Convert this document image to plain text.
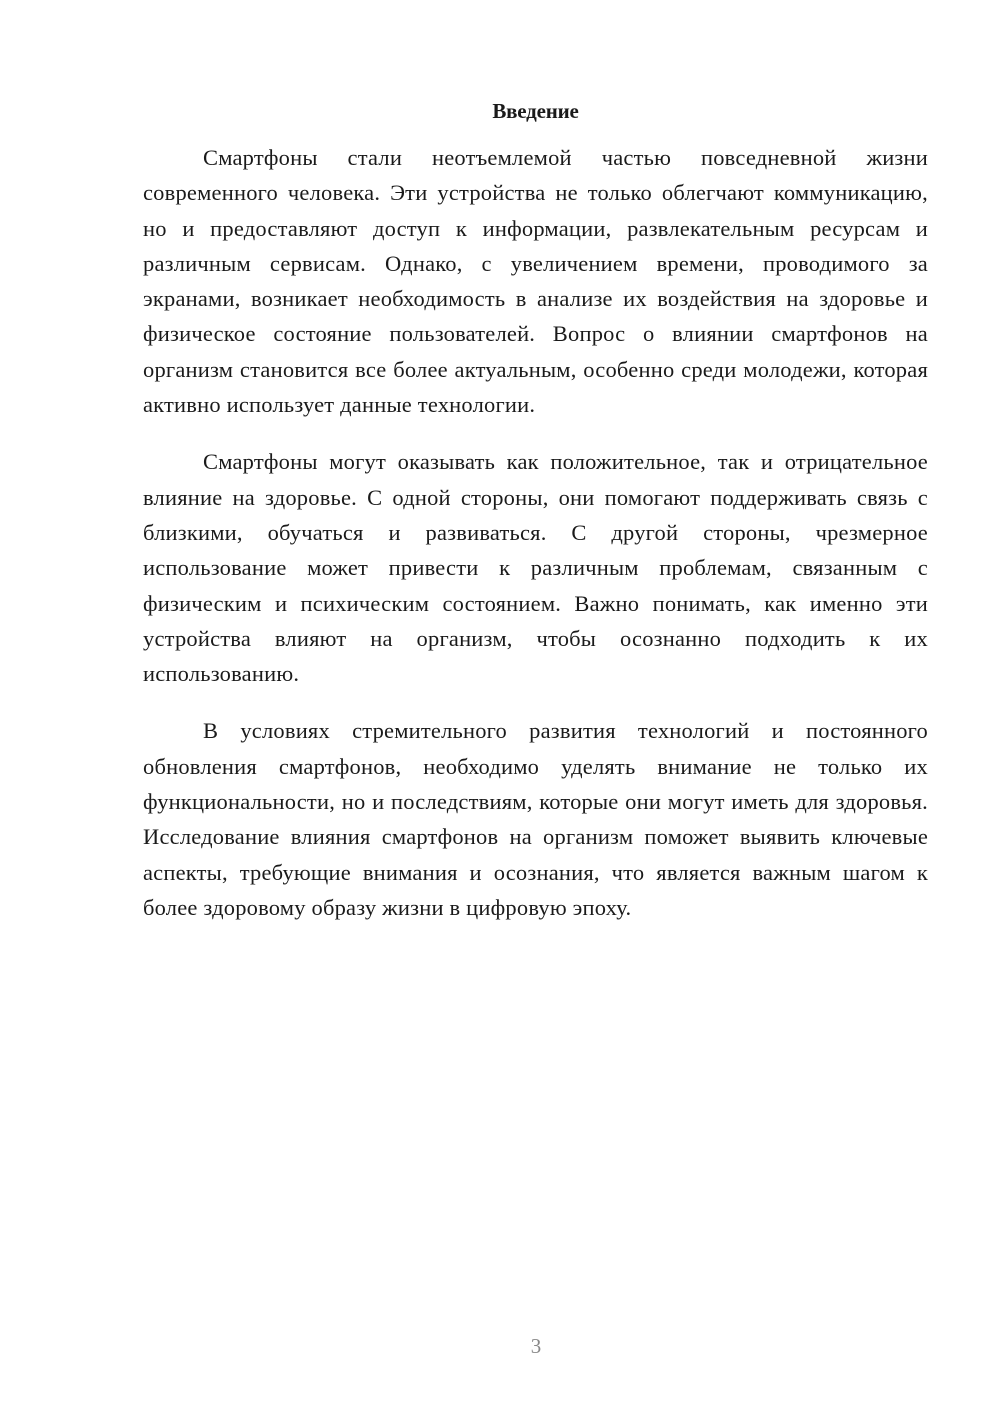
Введение

Смартфоны стали неотъемлемой частью повседневной жизни современного человека. Эти устройства не только облегчают коммуникацию, но и предоставляют доступ к информации, развлекательным ресурсам и различным сервисам. Однако, с увеличением времени, проводимого за экранами, возникает необходимость в анализе их воздействия на здоровье и физическое состояние пользователей. Вопрос о влиянии смартфонов на организм становится все более актуальным, особенно среди молодежи, которая активно использует данные технологии.

Смартфоны могут оказывать как положительное, так и отрицательное влияние на здоровье. С одной стороны, они помогают поддерживать связь с близкими, обучаться и развиваться. С другой стороны, чрезмерное использование может привести к различным проблемам, связанным с физическим и психическим состоянием. Важно понимать, как именно эти устройства влияют на организм, чтобы осознанно подходить к их использованию.

В условиях стремительного развития технологий и постоянного обновления смартфонов, необходимо уделять внимание не только их функциональности, но и последствиям, которые они могут иметь для здоровья. Исследование влияния смартфонов на организм поможет выявить ключевые аспекты, требующие внимания и осознания, что является важным шагом к более здоровому образу жизни в цифровую эпоху.

3
